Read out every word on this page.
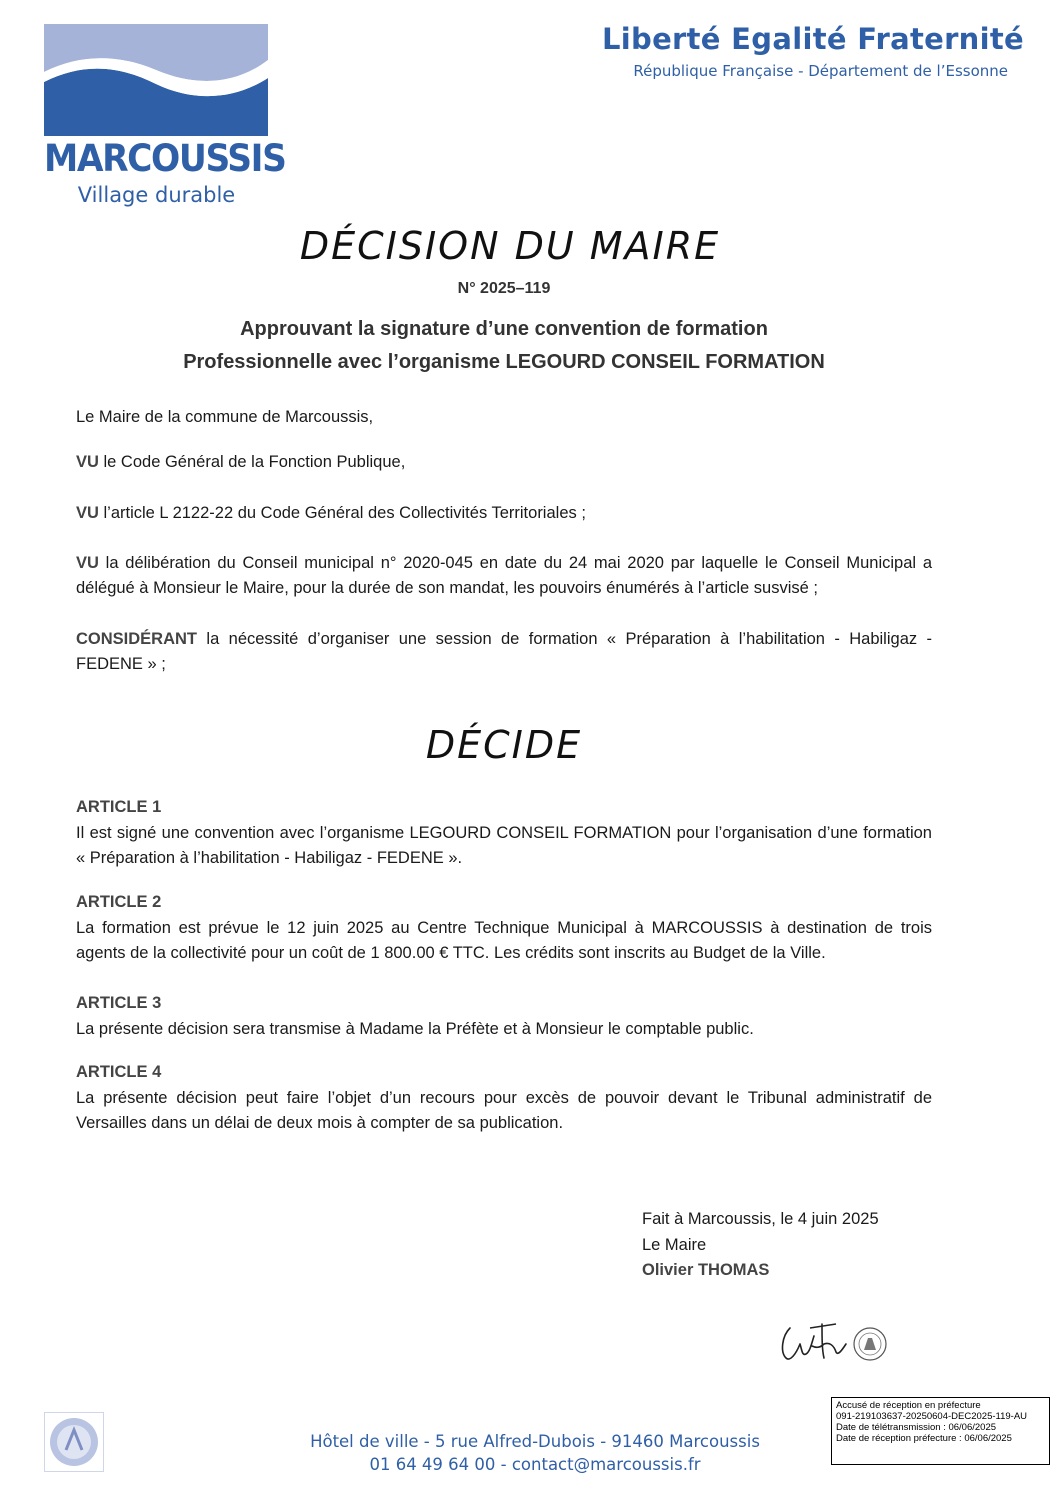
MARCOUSSIS
Village durable
Liberté Egalité Fraternité
République Française - Département de l’Essonne
DÉCISION DU MAIRE
N° 2025–119
Approuvant la signature d’une convention de formation
Professionnelle avec l’organisme LEGOURD CONSEIL FORMATION
Le Maire de la commune de Marcoussis,
VU le Code Général de la Fonction Publique,
VU l’article L 2122-22 du Code Général des Collectivités Territoriales ;
VU la délibération du Conseil municipal n° 2020-045 en date du 24 mai 2020 par laquelle le Conseil Municipal a délégué à Monsieur le Maire, pour la durée de son mandat, les pouvoirs énumérés à l’article susvisé ;
CONSIDÉRANT la nécessité d’organiser une session de formation « Préparation à l’habilitation - Habiligaz - FEDENE » ;
DÉCIDE
ARTICLE 1
Il est signé une convention avec l’organisme LEGOURD CONSEIL FORMATION pour l’organisation d’une formation « Préparation à l’habilitation - Habiligaz - FEDENE ».
ARTICLE 2
La formation est prévue le 12 juin 2025 au Centre Technique Municipal à MARCOUSSIS à destination de trois agents de la collectivité pour un coût de 1 800.00 € TTC. Les crédits sont inscrits au Budget de la Ville.
ARTICLE 3
La présente décision sera transmise à Madame la Préfète et à Monsieur le comptable public.
ARTICLE 4
La présente décision peut faire l’objet d’un recours pour excès de pouvoir devant le Tribunal administratif de Versailles dans un délai de deux mois à compter de sa publication.
Fait à Marcoussis, le 4 juin 2025
Le Maire
Olivier THOMAS
Accusé de réception en préfecture
091-219103637-20250604-DEC2025-119-AU
Date de télétransmission : 06/06/2025
Date de réception préfecture : 06/06/2025
Hôtel de ville - 5 rue Alfred-Dubois - 91460 Marcoussis
01 64 49 64 00 - contact@marcoussis.fr
